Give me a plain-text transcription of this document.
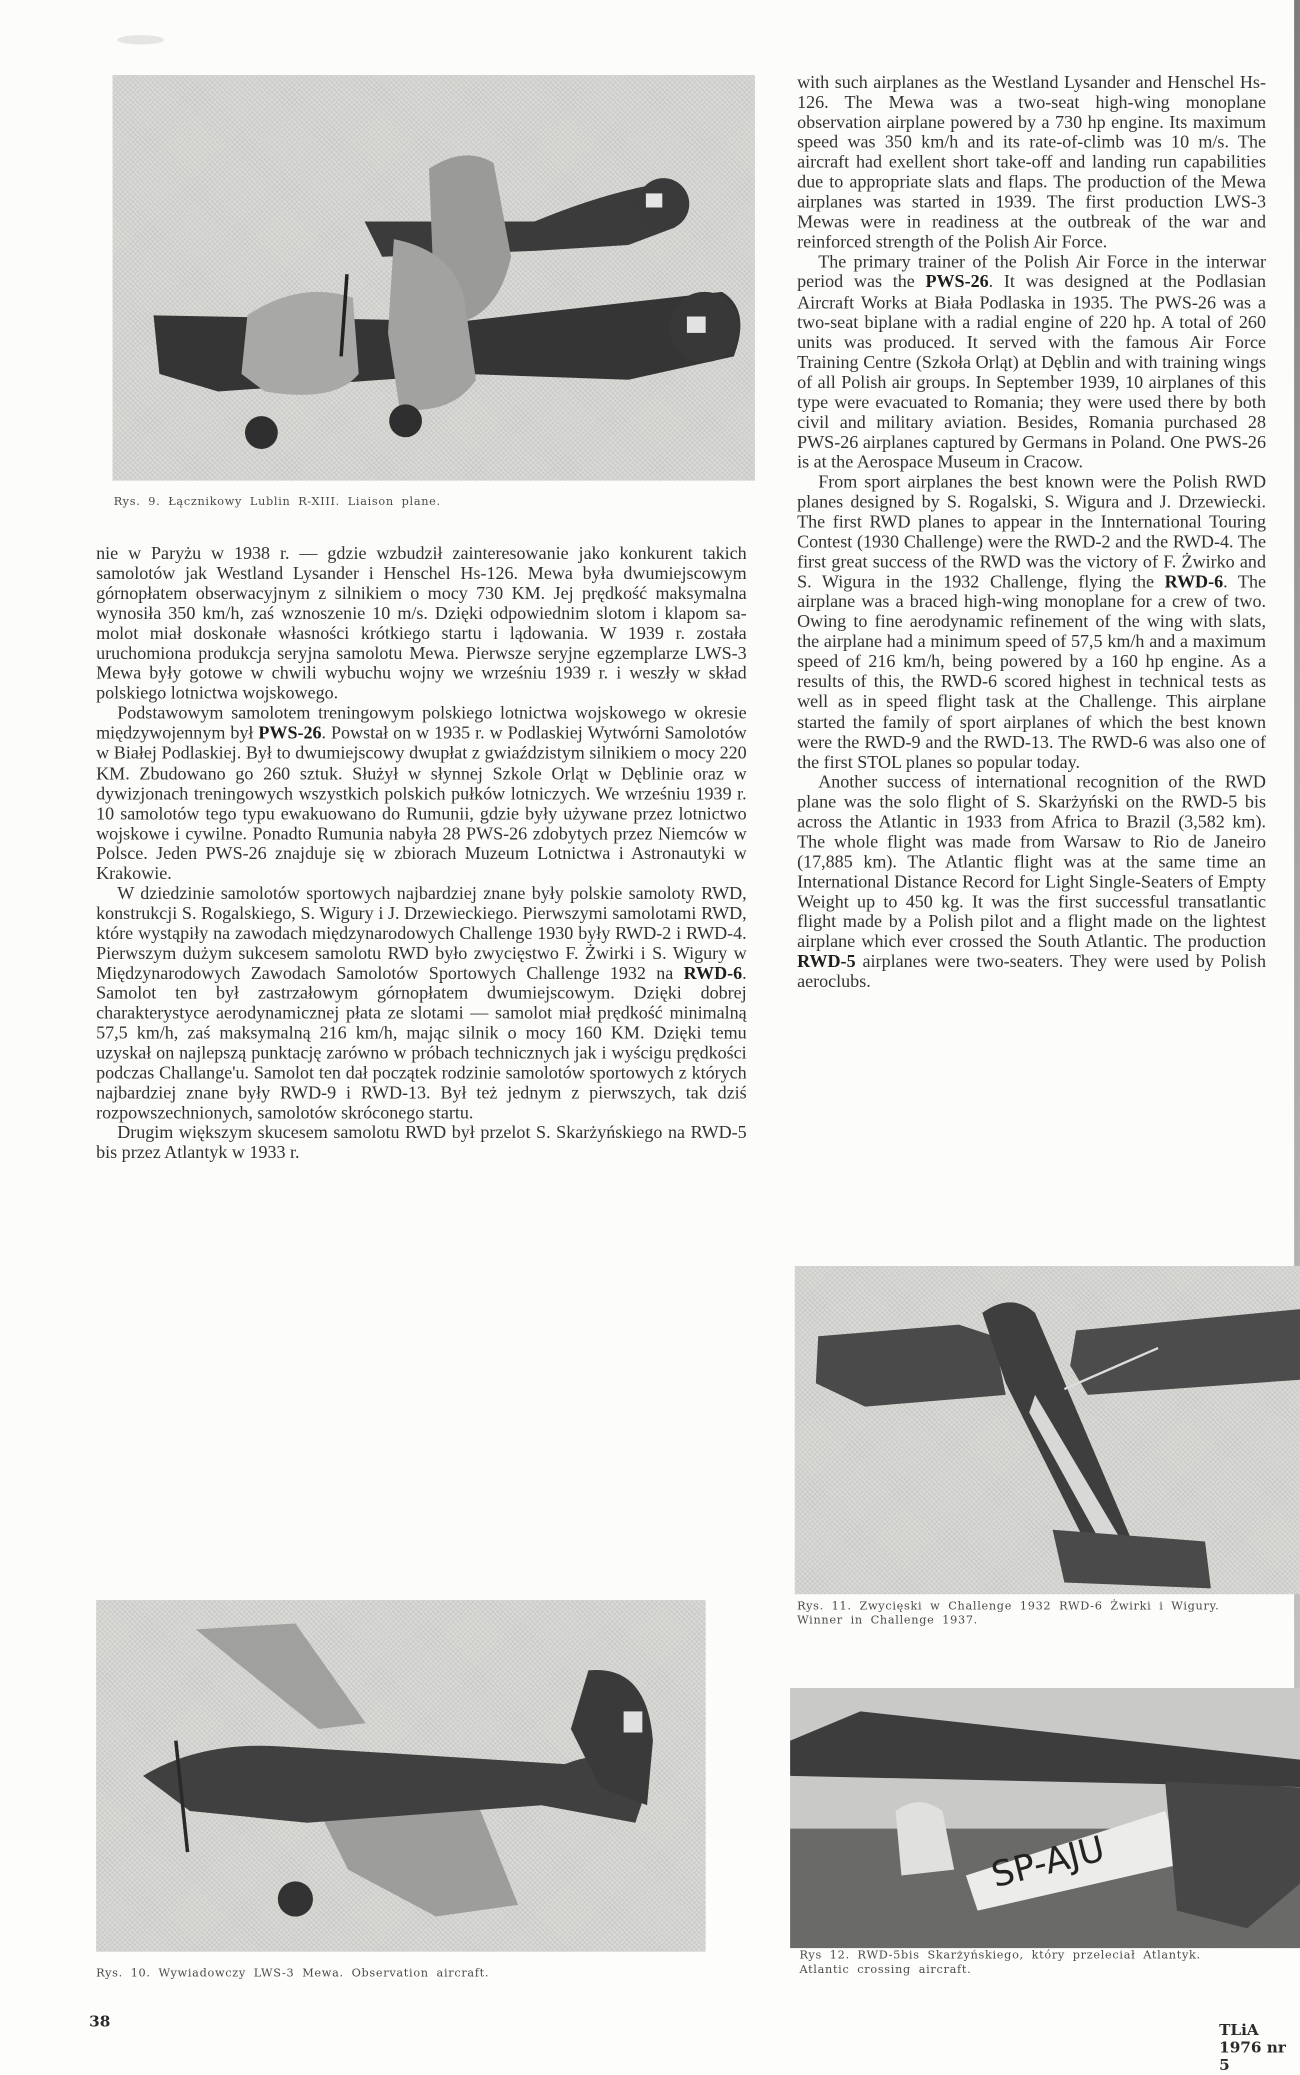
Rys. 9. Łącznikowy Lublin R-XIII. Liaison plane.

nie w Paryżu w 1938 r. — gdzie wzbudził zainteresowanie jako konkurent takich samolotów jak Westland Lysander i Henschel Hs-126. Mewa była dwumiejscowym górnopłatem obserwacyjnym z silnikiem o mocy 730 KM. Jej prędkość maksymalna wynosiła 350 km/h, zaś wznoszenie 10 m/s. Dzięki odpowiednim slotom i klapom samolot miał doskonałe własności krótkiego startu i lądowania. W 1939 r. została uruchomiona produkcja seryjna samolotu Mewa. Pierwsze seryjne egzemplarze LWS-3 Mewa były gotowe w chwili wybuchu wojny we wrześniu 1939 r. i weszły w skład polskiego lotnictwa wojskowego.

Podstawowym samolotem treningowym polskiego lotnictwa wojskowego w okresie międzywojennym był PWS-26. Powstał on w 1935 r. w Podlaskiej Wytwórni Samolotów w Białej Podlaskiej. Był to dwumiejscowy dwupłat z gwiaździstym silnikiem o mocy 220 KM. Zbudowano go 260 sztuk. Służył w słynnej Szkole Orląt w Dęblinie oraz w dywizjonach treningowych wszystkich polskich pułków lotniczych. We wrześniu 1939 r. 10 samolotów tego typu ewakuowano do Rumunii, gdzie były używane przez lotnictwo wojskowe i cywilne. Ponadto Rumunia nabyła 28 PWS-26 zdobytych przez Niemców w Polsce. Jeden PWS-26 znajduje się w zbiorach Muzeum Lotnictwa i Astronautyki w Krakowie.

W dziedzinie samolotów sportowych najbardziej znane były polskie samoloty RWD, konstrukcji S. Rogalskiego, S. Wigury i J. Drzewieckiego. Pierwszymi samolotami RWD, które wystąpiły na zawodach międzynarodowych Challenge 1930 były RWD-2 i RWD-4. Pierwszym dużym sukcesem samolotu RWD było zwycięstwo F. Żwirki i S. Wigury w Międzynarodowych Zawodach Samolotów Sportowych Challenge 1932 na RWD-6. Samolot ten był zastrzałowym górnopłatem dwumiejscowym. Dzięki dobrej charakterystyce aerodynamicznej płata ze slotami — samolot miał prędkość minimalną 57,5 km/h, zaś maksymalną 216 km/h, mając silnik o mocy 160 KM. Dzięki temu uzyskał on najlepszą punktację zarówno w próbach technicznych jak i wyścigu prędkości podczas Challange'u. Samolot ten dał początek rodzinie samolotów sportowych z których najbardziej znane były RWD-9 i RWD-13. Był też jednym z pierwszych, tak dziś rozpowszechnionych, samolotów skróconego startu.

Drugim większym skucesem samolotu RWD był przelot S. Skarżyńskiego na RWD-5 bis przez Atlantyk w 1933 r.

with such airplanes as the Westland Lysander and Henschel Hs-126. The Mewa was a two-seat high-wing monoplane observation airplane powered by a 730 hp engine. Its maximum speed was 350 km/h and its rate-of-climb was 10 m/s. The aircraft had exellent short take-off and landing run capabilities due to appropriate slats and flaps. The production of the Mewa airplanes was started in 1939. The first production LWS-3 Mewas were in readiness at the outbreak of the war and reinforced strength of the Polish Air Force.

The primary trainer of the Polish Air Force in the interwar period was the PWS-26. It was designed at the Podlasian Aircraft Works at Biała Podlaska in 1935. The PWS-26 was a two-seat biplane with a radial engine of 220 hp. A total of 260 units was produced. It served with the famous Air Force Training Centre (Szkoła Orląt) at Dęblin and with training wings of all Polish air groups. In September 1939, 10 airplanes of this type were evacuated to Romania; they were used there by both civil and military aviation. Besides, Romania purchased 28 PWS-26 airplanes captured by Germans in Poland. One PWS-26 is at the Aerospace Museum in Cracow.

From sport airplanes the best known were the Polish RWD planes designed by S. Rogalski, S. Wigura and J. Drzewiecki. The first RWD planes to appear in the Innternational Touring Contest (1930 Challenge) were the RWD-2 and the RWD-4. The first great success of the RWD was the victory of F. Żwirko and S. Wigura in the 1932 Challenge, flying the RWD-6. The airplane was a braced high-wing monoplane for a crew of two. Owing to fine aerodynamic refinement of the wing with slats, the airplane had a minimum speed of 57,5 km/h and a maximum speed of 216 km/h, being powered by a 160 hp engine. As a results of this, the RWD-6 scored highest in technical tests as well as in speed flight task at the Challenge. This airplane started the family of sport airplanes of which the best known were the RWD-9 and the RWD-13. The RWD-6 was also one of the first STOL planes so popular today.

Another success of international recognition of the RWD plane was the solo flight of S. Skarżyński on the RWD-5 bis across the Atlantic in 1933 from Africa to Brazil (3,582 km). The whole flight was made from Warsaw to Rio de Janeiro (17,885 km). The Atlantic flight was at the same time an International Distance Record for Light Single-Seaters of Empty Weight up to 450 kg. It was the first successful transatlantic flight made by a Polish pilot and a flight made on the lightest airplane which ever crossed the South Atlantic. The production RWD-5 airplanes were two-seaters. They were used by Polish aeroclubs.

Rys. 11. Zwycięski w Challenge 1932 RWD-6 Żwirki i Wigury.
Winner in Challenge 1937.
Rys. 10. Wywiadowczy LWS-3 Mewa. Observation aircraft.
SP-AJU
Rys 12. RWD-5bis Skarżyńskiego, który przeleciał Atlantyk.
Atlantic crossing aircraft.
38	TLiA 1976 nr 5
